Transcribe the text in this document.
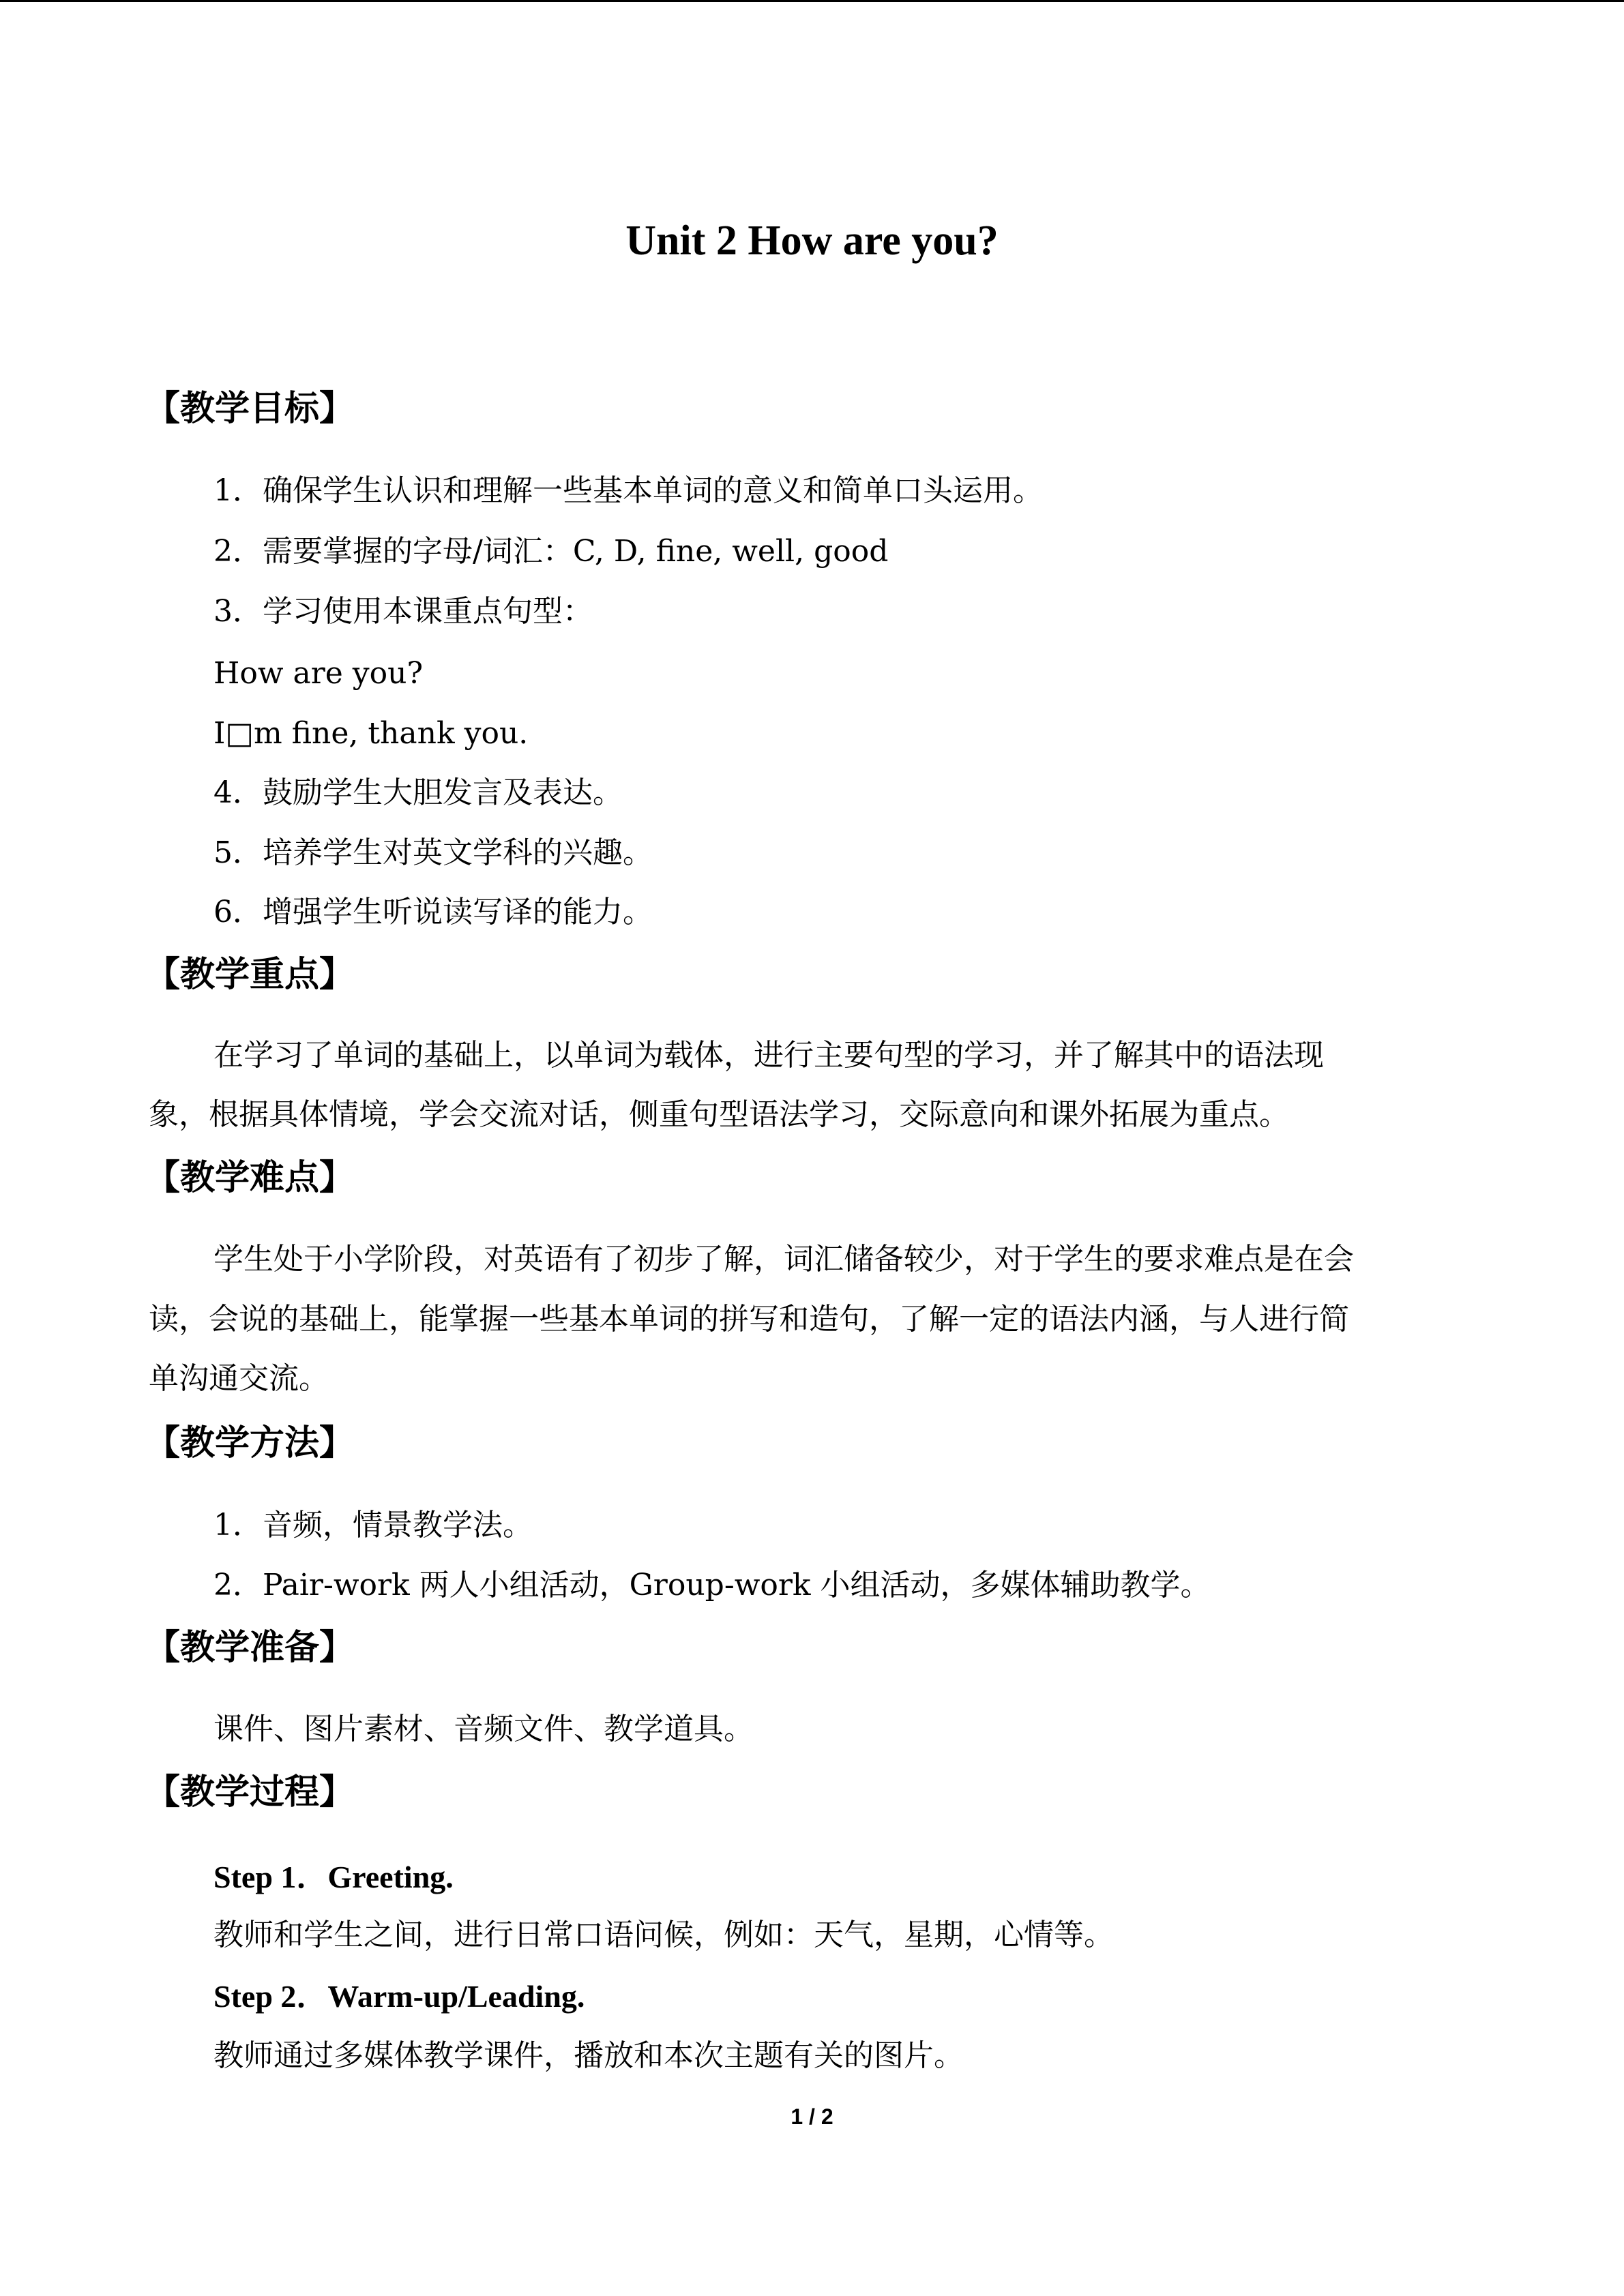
Unit 2 How are you?
【教学目标】

1．确保学生认识和理解一些基本单词的意义和简单口头运用。

2．需要掌握的字母/词汇：C, D, fine, well, good

3．学习使用本课重点句型：

How are you?

I□m fine, thank you.

4．鼓励学生大胆发言及表达。

5．培养学生对英文学科的兴趣。

6．增强学生听说读写译的能力。

【教学重点】

在学习了单词的基础上，以单词为载体，进行主要句型的学习，并了解其中的语法现

象，根据具体情境，学会交流对话，侧重句型语法学习，交际意向和课外拓展为重点。

【教学难点】

学生处于小学阶段，对英语有了初步了解，词汇储备较少，对于学生的要求难点是在会

读，会说的基础上，能掌握一些基本单词的拼写和造句，了解一定的语法内涵，与人进行简

单沟通交流。

【教学方法】

1．音频，情景教学法。

2．Pair-work 两人小组活动，Group-work 小组活动，多媒体辅助教学。

【教学准备】

课件、图片素材、音频文件、教学道具。

【教学过程】

Step 1．Greeting.

教师和学生之间，进行日常口语问候，例如：天气，星期，心情等。

Step 2．Warm-up/Leading.

教师通过多媒体教学课件，播放和本次主题有关的图片。

1 / 2
